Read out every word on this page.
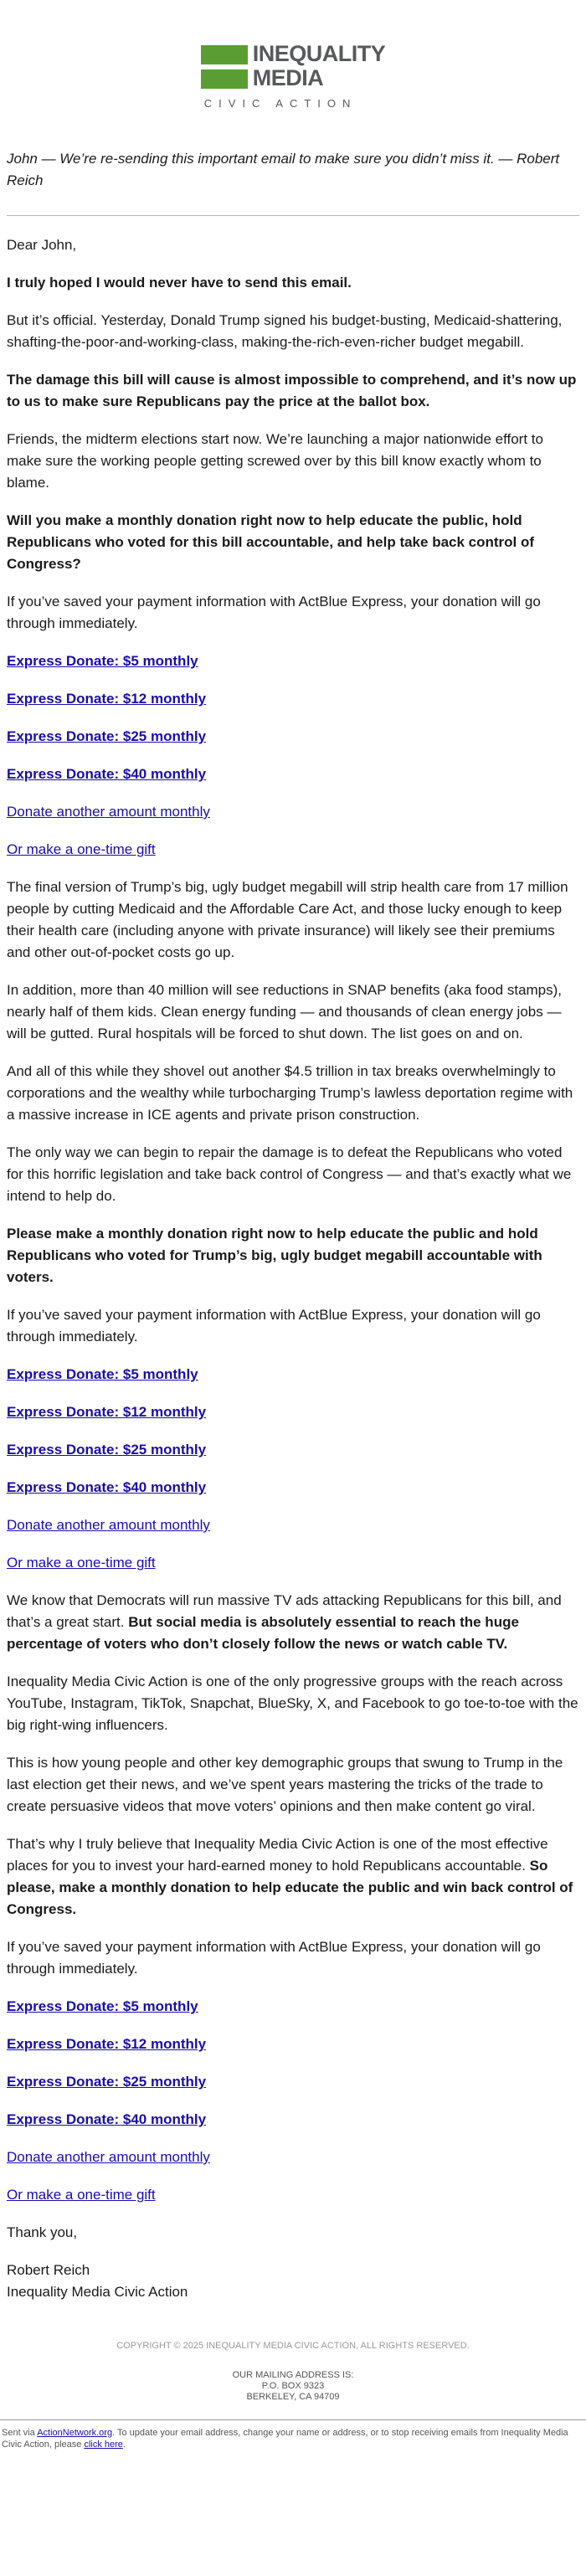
INEQUALITY
MEDIA
CIVIC ACTION
John — We’re re-sending this important email to make sure you didn’t miss it. — Robert Reich

Dear John,

I truly hoped I would never have to send this email.

But it’s official. Yesterday, Donald Trump signed his budget-busting, Medicaid-shattering, shafting-the-poor-and-working-class, making-the-rich-even-richer budget megabill.

The damage this bill will cause is almost impossible to comprehend, and it’s now up to us to make sure Republicans pay the price at the ballot box.

Friends, the midterm elections start now. We’re launching a major nationwide effort to make sure the working people getting screwed over by this bill know exactly whom to blame.

Will you make a monthly donation right now to help educate the public, hold Republicans who voted for this bill accountable, and help take back control of Congress?

If you’ve saved your payment information with ActBlue Express, your donation will go through immediately.

Express Donate: $5 monthly
Express Donate: $12 monthly
Express Donate: $25 monthly
Express Donate: $40 monthly
Donate another amount monthly
Or make a one-time gift

The final version of Trump’s big, ugly budget megabill will strip health care from 17 million people by cutting Medicaid and the Affordable Care Act, and those lucky enough to keep their health care (including anyone with private insurance) will likely see their premiums and other out-of-pocket costs go up.

In addition, more than 40 million will see reductions in SNAP benefits (aka food stamps), nearly half of them kids. Clean energy funding — and thousands of clean energy jobs — will be gutted. Rural hospitals will be forced to shut down. The list goes on and on.

And all of this while they shovel out another $4.5 trillion in tax breaks overwhelmingly to corporations and the wealthy while turbocharging Trump’s lawless deportation regime with a massive increase in ICE agents and private prison construction.

The only way we can begin to repair the damage is to defeat the Republicans who voted for this horrific legislation and take back control of Congress — and that’s exactly what we intend to help do.

Please make a monthly donation right now to help educate the public and hold Republicans who voted for Trump’s big, ugly budget megabill accountable with voters.

If you’ve saved your payment information with ActBlue Express, your donation will go through immediately.

Express Donate: $5 monthly
Express Donate: $12 monthly
Express Donate: $25 monthly
Express Donate: $40 monthly
Donate another amount monthly
Or make a one-time gift

We know that Democrats will run massive TV ads attacking Republicans for this bill, and that’s a great start. But social media is absolutely essential to reach the huge percentage of voters who don’t closely follow the news or watch cable TV.

Inequality Media Civic Action is one of the only progressive groups with the reach across YouTube, Instagram, TikTok, Snapchat, BlueSky, X, and Facebook to go toe-to-toe with the big right-wing influencers.

This is how young people and other key demographic groups that swung to Trump in the last election get their news, and we’ve spent years mastering the tricks of the trade to create persuasive videos that move voters’ opinions and then make content go viral.

That’s why I truly believe that Inequality Media Civic Action is one of the most effective places for you to invest your hard-earned money to hold Republicans accountable. So please, make a monthly donation to help educate the public and win back control of Congress.

If you’ve saved your payment information with ActBlue Express, your donation will go through immediately.

Express Donate: $5 monthly
Express Donate: $12 monthly
Express Donate: $25 monthly
Express Donate: $40 monthly
Donate another amount monthly
Or make a one-time gift

Thank you,

Robert Reich
Inequality Media Civic Action

COPYRIGHT © 2025 INEQUALITY MEDIA CIVIC ACTION, ALL RIGHTS RESERVED.
OUR MAILING ADDRESS IS:
P.O. BOX 9323
BERKELEY, CA 94709
Sent via ActionNetwork.org. To update your email address, change your name or address, or to stop receiving emails from Inequality Media Civic Action, please click here.
